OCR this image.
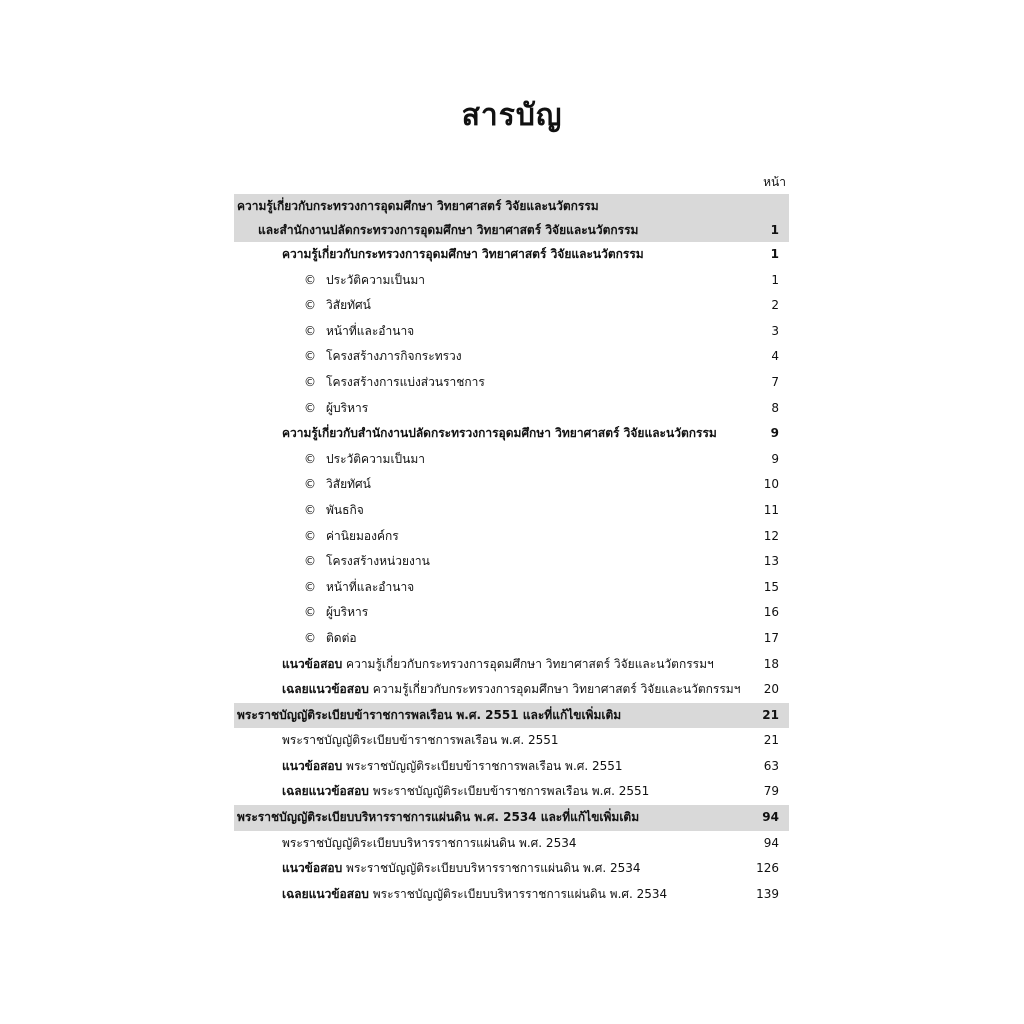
สารบัญ
หน้า
ความรู้เกี่ยวกับกระทรวงการอุดมศึกษา วิทยาศาสตร์ วิจัยและนวัตกรรม
และสำนักงานปลัดกระทรวงการอุดมศึกษา วิทยาศาสตร์ วิจัยและนวัตกรรม	1
ความรู้เกี่ยวกับกระทรวงการอุดมศึกษา วิทยาศาสตร์ วิจัยและนวัตกรรม	1
© ประวัติความเป็นมา	1
© วิสัยทัศน์	2
© หน้าที่และอำนาจ	3
© โครงสร้างภารกิจกระทรวง	4
© โครงสร้างการแบ่งส่วนราชการ	7
© ผู้บริหาร	8
ความรู้เกี่ยวกับสำนักงานปลัดกระทรวงการอุดมศึกษา วิทยาศาสตร์ วิจัยและนวัตกรรม	9
© ประวัติความเป็นมา	9
© วิสัยทัศน์	10
© พันธกิจ	11
© ค่านิยมองค์กร	12
© โครงสร้างหน่วยงาน	13
© หน้าที่และอำนาจ	15
© ผู้บริหาร	16
© ติดต่อ	17
แนวข้อสอบ ความรู้เกี่ยวกับกระทรวงการอุดมศึกษา วิทยาศาสตร์ วิจัยและนวัตกรรมฯ	18
เฉลยแนวข้อสอบ ความรู้เกี่ยวกับกระทรวงการอุดมศึกษา วิทยาศาสตร์ วิจัยและนวัตกรรมฯ 20
พระราชบัญญัติระเบียบข้าราชการพลเรือน พ.ศ. 2551 และที่แก้ไขเพิ่มเติม	21
พระราชบัญญัติระเบียบข้าราชการพลเรือน พ.ศ. 2551	21
แนวข้อสอบ พระราชบัญญัติระเบียบข้าราชการพลเรือน พ.ศ. 2551	63
เฉลยแนวข้อสอบ พระราชบัญญัติระเบียบข้าราชการพลเรือน พ.ศ. 2551	79
พระราชบัญญัติระเบียบบริหารราชการแผ่นดิน พ.ศ. 2534 และที่แก้ไขเพิ่มเติม	94
พระราชบัญญัติระเบียบบริหารราชการแผ่นดิน พ.ศ. 2534	94
แนวข้อสอบ พระราชบัญญัติระเบียบบริหารราชการแผ่นดิน พ.ศ. 2534	126
เฉลยแนวข้อสอบ พระราชบัญญัติระเบียบบริหารราชการแผ่นดิน พ.ศ. 2534	139
